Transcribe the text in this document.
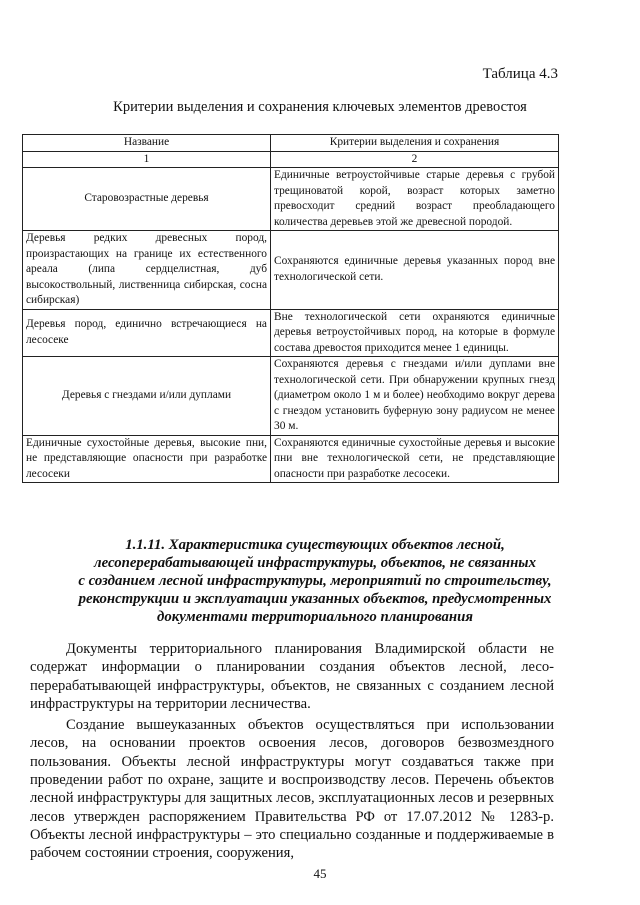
Таблица 4.3
Критерии выделения и сохранения ключевых элементов древостоя
Название	Критерии выделения и сохранения
1	2
Старовозрастные деревья	Единичные ветроустойчивые старые деревья с грубой трещиноватой корой, возраст которых заметно превосходит средний возраст преобладающего количества деревьев этой же древесной породой.
Деревья редких древесных пород, произрастающих на границе их естественного ареала (липа сердцелистная, дуб высокоствольный, лиственница сибирская, сосна сибирская)	Сохраняются единичные деревья указанных пород вне технологической сети.
Деревья пород, единично встречающиеся на лесосеке	Вне технологической сети охраняются единичные деревья ветроустойчивых пород, на которые в формуле состава древостоя приходится менее 1 единицы.
Деревья с гнездами и/или дуплами	Сохраняются деревья с гнездами и/или дуплами вне технологической сети. При обнаружении крупных гнезд (диаметром около 1 м и более) необходимо вокруг дерева с гнездом установить буферную зону радиусом не менее 30 м.
Единичные сухостойные деревья, высокие пни, не представляющие опасности при разработке лесосеки	Сохраняются единичные сухостойные деревья и высокие пни вне технологической сети, не представляющие опасности при разработке лесосеки.
1.1.11. Характеристика существующих объектов лесной,
лесоперерабатывающей инфраструктуры, объектов, не связанных
с созданием лесной инфраструктуры, мероприятий по строительству,
реконструкции и эксплуатации указанных объектов, предусмотренных
документами территориального планирования

Документы территориального планирования Владимирской области не содержат информации о планировании создания объектов лесной, лесо-перерабатывающей инфраструктуры, объектов, не связанных с созданием лесной инфраструктуры на территории лесничества.

Создание вышеуказанных объектов осуществляться при использовании лесов, на основании проектов освоения лесов, договоров безвозмездного пользования. Объекты лесной инфраструктуры могут создаваться также при проведении работ по охране, защите и воспроизводству лесов. Перечень объектов лесной инфраструктуры для защитных лесов, эксплуатационных лесов и резервных лесов утвержден распоряжением Правительства РФ от 17.07.2012 № 1283-р. Объекты лесной инфраструктуры – это специально созданные и поддерживаемые в рабочем состоянии строения, сооружения,

45
